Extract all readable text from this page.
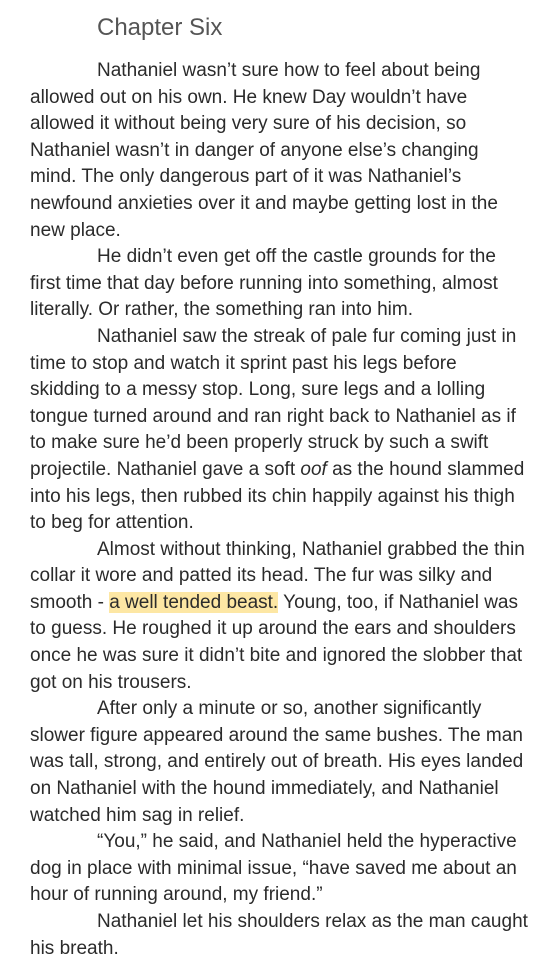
Chapter Six

Nathaniel wasn’t sure how to feel about being allowed out on his own. He knew Day wouldn’t have allowed it without being very sure of his decision, so Nathaniel wasn’t in danger of anyone else’s changing mind. The only dangerous part of it was Nathaniel’s newfound anxieties over it and maybe getting lost in the new place.

He didn’t even get off the castle grounds for the first time that day before running into something, almost literally. Or rather, the something ran into him.

Nathaniel saw the streak of pale fur coming just in time to stop and watch it sprint past his legs before skidding to a messy stop. Long, sure legs and a lolling tongue turned around and ran right back to Nathaniel as if to make sure he’d been properly struck by such a swift projectile. Nathaniel gave a soft oof as the hound slammed into his legs, then rubbed its chin happily against his thigh to beg for attention.

Almost without thinking, Nathaniel grabbed the thin collar it wore and patted its head. The fur was silky and smooth - a well tended beast. Young, too, if Nathaniel was to guess. He roughed it up around the ears and shoulders once he was sure it didn’t bite and ignored the slobber that got on his trousers.

After only a minute or so, another significantly slower figure appeared around the same bushes. The man was tall, strong, and entirely out of breath. His eyes landed on Nathaniel with the hound immediately, and Nathaniel watched him sag in relief.

“You,” he said, and Nathaniel held the hyperactive dog in place with minimal issue, “have saved me about an hour of running around, my friend.”

Nathaniel let his shoulders relax as the man caught his breath.
